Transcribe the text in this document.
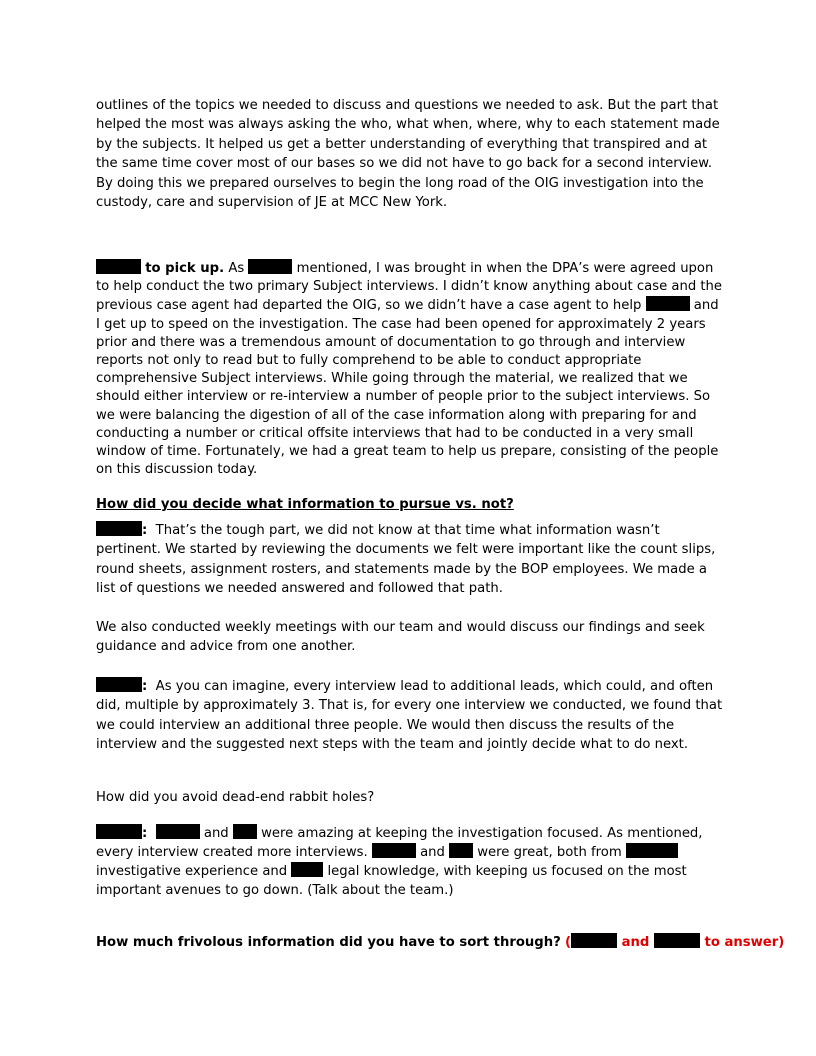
outlines of the topics we needed to discuss and questions we needed to ask. But the part that helped the most was always asking the who, what when, where, why to each statement made by the subjects. It helped us get a better understanding of everything that transpired and at the same time cover most of our bases so we did not have to go back for a second interview. By doing this we prepared ourselves to begin the long road of the OIG investigation into the custody, care and supervision of JE at MCC New York.
to pick up. As	mentioned, I was brought in when the DPA’s were agreed upon to help conduct the two primary Subject interviews. I didn’t know anything about case and the previous case agent had departed the OIG, so we didn’t have a case agent to help	and I get up to speed on the investigation. The case had been opened for approximately 2 years prior and there was a tremendous amount of documentation to go through and interview reports not only to read but to fully comprehend to be able to conduct appropriate comprehensive Subject interviews. While going through the material, we realized that we should either interview or re-interview a number of people prior to the subject interviews. So we were balancing the digestion of all of the case information along with preparing for and conducting a number or critical offsite interviews that had to be conducted in a very small window of time. Fortunately, we had a great team to help us prepare, consisting of the people on this discussion today.
How did you decide what information to pursue vs. not?
: That’s the tough part, we did not know at that time what information wasn’t pertinent. We started by reviewing the documents we felt were important like the count slips, round sheets, assignment rosters, and statements made by the BOP employees. We made a list of questions we needed answered and followed that path.
We also conducted weekly meetings with our team and would discuss our findings and seek guidance and advice from one another.
: As you can imagine, every interview lead to additional leads, which could, and often did, multiple by approximately 3. That is, for every one interview we conducted, we found that we could interview an additional three people. We would then discuss the results of the interview and the suggested next steps with the team and jointly decide what to do next.
How did you avoid dead-end rabbit holes?
:	and  were amazing at keeping the investigation focused. As mentioned, every interview created more interviews.	and  were great, both from  investigative experience and  legal knowledge, with keeping us focused on the most important avenues to go down. (Talk about the team.)
How much frivolous information did you have to sort through? (	and	to answer)
